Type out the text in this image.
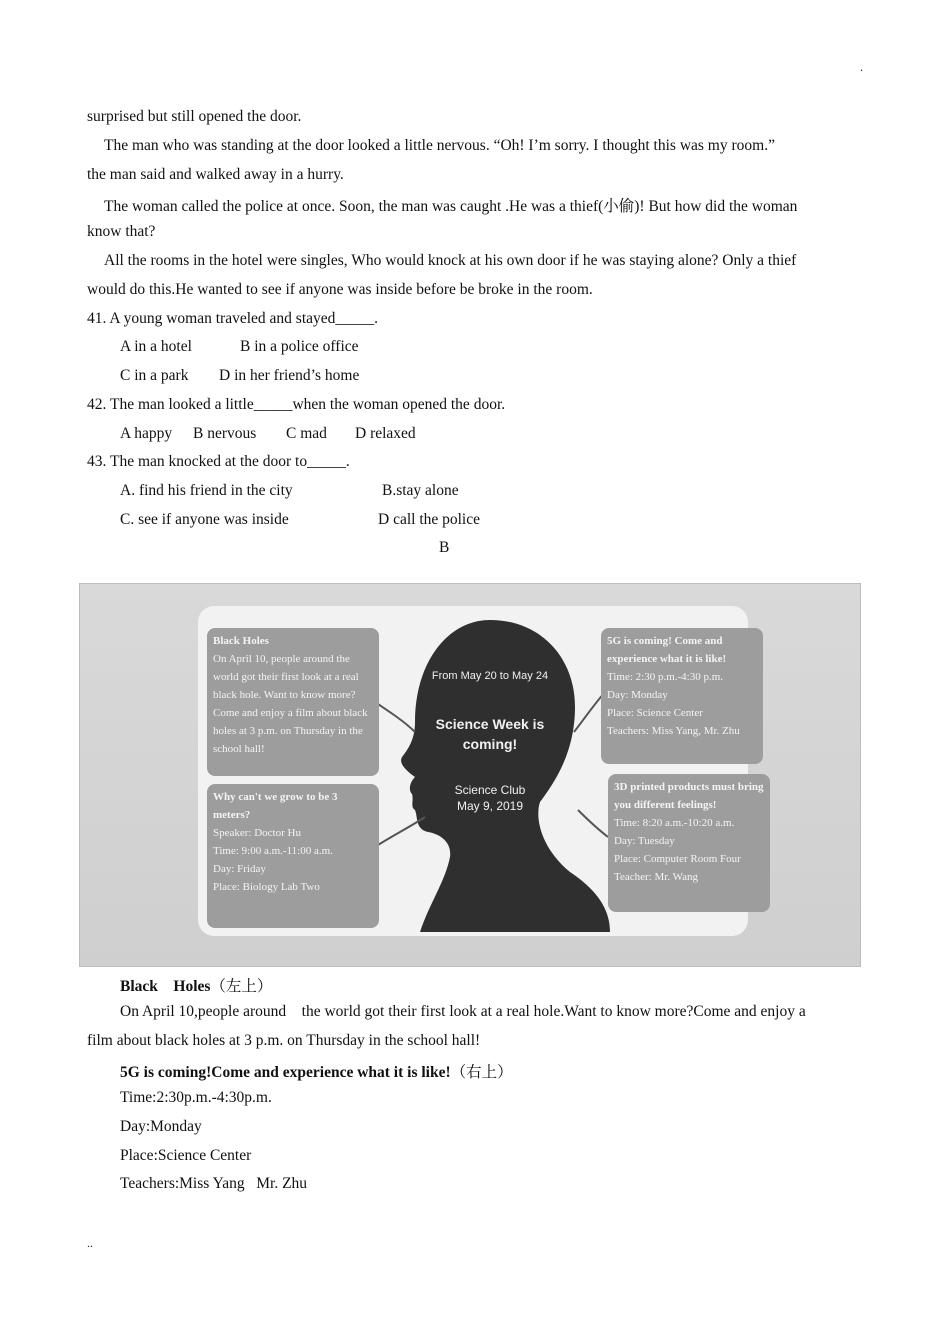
.
surprised but still opened the door.
The man who was standing at the door looked a little nervous. “Oh! I’m sorry. I thought this was my room.”
the man said and walked away in a hurry.
The woman called the police at once. Soon, the man was caught .He was a thief(小偷)! But how did the woman
know that?
All the rooms in the hotel were singles, Who would knock at his own door if he was staying alone? Only a thief
would do this.He wanted to see if anyone was inside before be broke in the room.
41. A young woman traveled and stayed_____.
A in a hotel	B in a police office
C in a park D in her friend’s home
42. The man looked a little_____when the woman opened the door.
A happy B nervous C mad D relaxed
43. The man knocked at the door to_____.
A. find his friend in the city	B.stay alone
C. see if anyone was inside	D call the police
B
From May 20 to May 24
Science Week is coming!
Science Club
May 9, 2019
Black Holes
On April 10, people around the world got their first look at a real black hole. Want to know more? Come and enjoy a film about black holes at 3 p.m. on Thursday in the school hall!
Why can't we grow to be 3 meters?
Speaker: Doctor Hu
Time: 9:00 a.m.-11:00 a.m.
Day: Friday
Place: Biology Lab Two
5G is coming! Come and experience what it is like!
Time: 2:30 p.m.-4:30 p.m.
Day: Monday
Place: Science Center
Teachers: Miss Yang, Mr. Zhu
3D printed products must bring you different feelings!
Time: 8:20 a.m.-10:20 a.m.
Day: Tuesday
Place: Computer Room Four
Teacher: Mr. Wang
Black    Holes（左上）
On April 10,people around    the world got their first look at a real hole.Want to know more?Come and enjoy a
film about black holes at 3 p.m. on Thursday in the school hall!
5G is coming!Come and experience what it is like!（右上）
Time:2:30p.m.-4:30p.m.
Day:Monday
Place:Science Center
Teachers:Miss Yang   Mr. Zhu
..
